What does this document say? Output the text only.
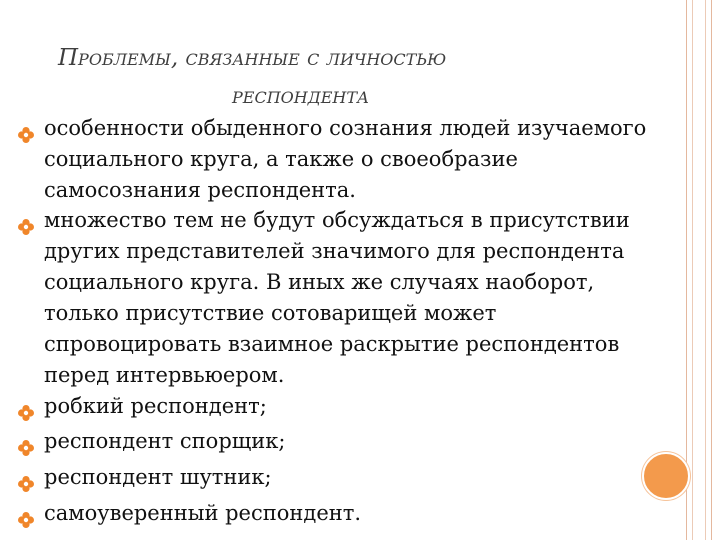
Проблемы, связанные с личностью
респондента
особенности обыденного сознания людей изучаемого
социального круга, а также о своеобразие
самосознания респондента.
множество тем не будут обсуждаться в присутствии
других представителей значимого для респондента
социального круга. В иных же случаях наоборот,
только присутствие сотоварищей может
спровоцировать взаимное раскрытие респондентов
перед интервьюером.
робкий респондент;
респондент спорщик;
респондент шутник;
самоуверенный респондент.
